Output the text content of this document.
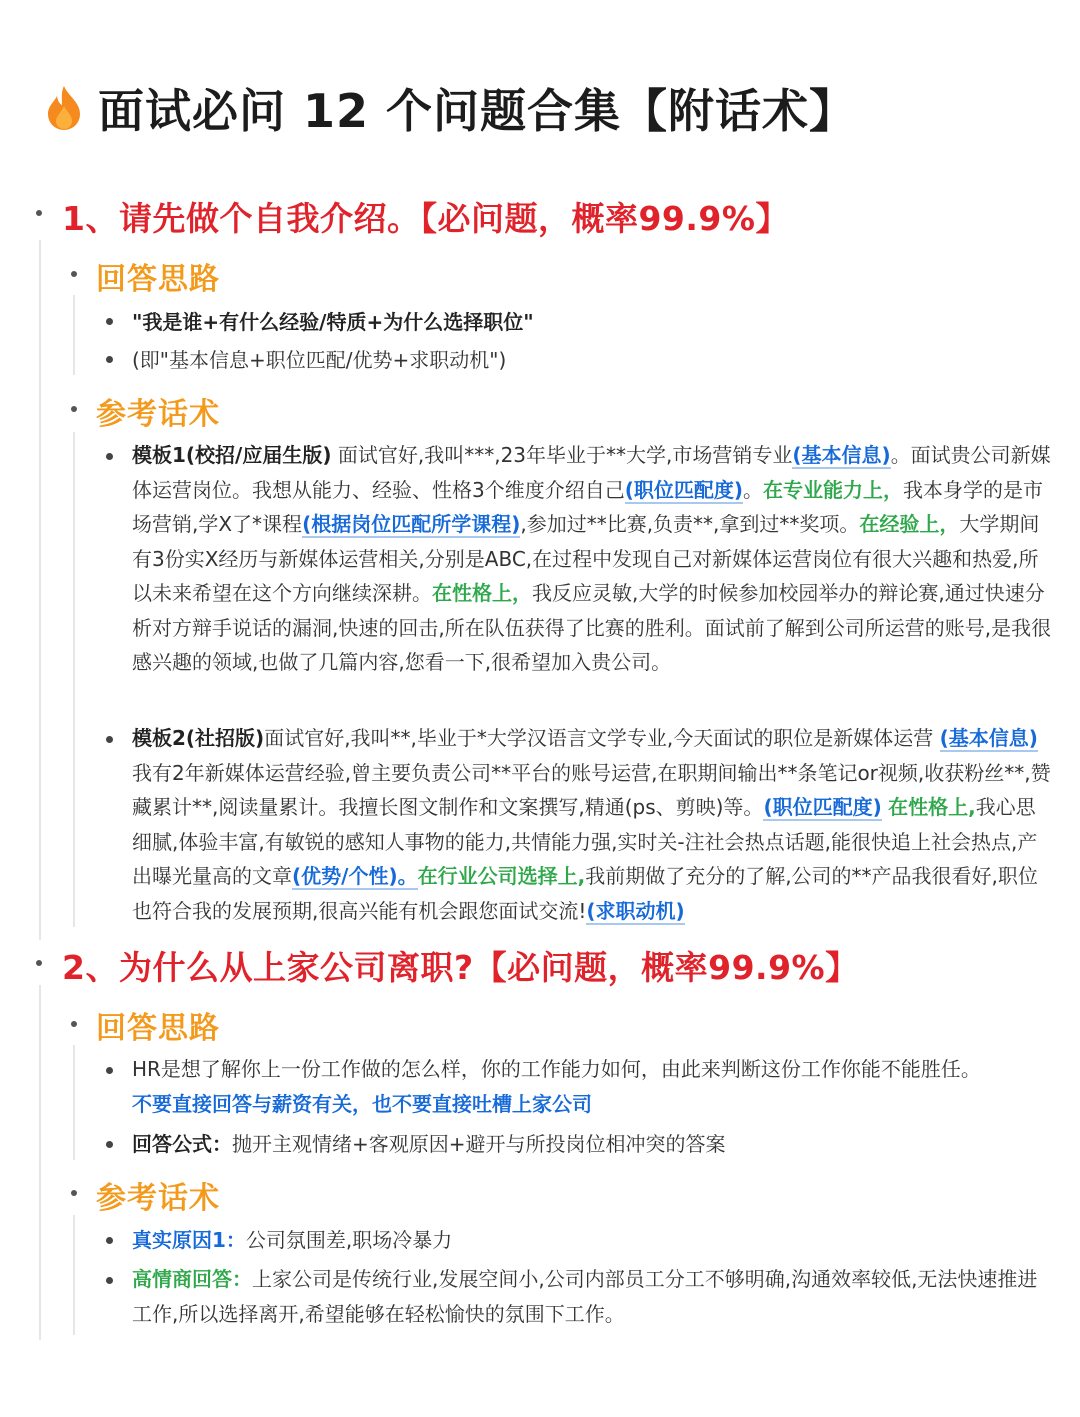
面试必问 12 个问题合集【附话术】
1、请先做个自我介绍。【必问题，概率99.9%】
回答思路
"我是谁+有什么经验/特质+为什么选择职位"
(即"基本信息+职位匹配/优势+求职动机")
参考话术
模板1(校招/应届生版) 面试官好,我叫***,23年毕业于**大学,市场营销专业(基本信息)。面试贵公司新媒体运营岗位。我想从能力、经验、性格3个维度介绍自己(职位匹配度)。在专业能力上，我本身学的是市场营销,学X了*课程(根据岗位匹配所学课程),参加过**比赛,负责**,拿到过**奖项。在经验上，大学期间有3份实X经历与新媒体运营相关,分别是ABC,在过程中发现自己对新媒体运营岗位有很大兴趣和热爱,所以未来希望在这个方向继续深耕。在性格上，我反应灵敏,大学的时候参加校园举办的辩论赛,通过快速分析对方辩手说话的漏洞,快速的回击,所在队伍获得了比赛的胜利。面试前了解到公司所运营的账号,是我很感兴趣的领域,也做了几篇内容,您看一下,很希望加入贵公司。
模板2(社招版)面试官好,我叫**,毕业于*大学汉语言文学专业,今天面试的职位是新媒体运营 (基本信息)我有2年新媒体运营经验,曾主要负责公司**平台的账号运营,在职期间输出**条笔记or视频,收获粉丝**,赞藏累计**,阅读量累计。我擅长图文制作和文案撰写,精通(ps、剪映)等。(职位匹配度) 在性格上,我心思细腻,体验丰富,有敏锐的感知人事物的能力,共情能力强,实时关-注社会热点话题,能很快追上社会热点,产出曝光量高的文章(优势/个性)。在行业公司选择上,我前期做了充分的了解,公司的**产品我很看好,职位也符合我的发展预期,很高兴能有机会跟您面试交流!(求职动机)
2、为什么从上家公司离职?【必问题，概率99.9%】
回答思路
HR是想了解你上一份工作做的怎么样，你的工作能力如何，由此来判断这份工作你能不能胜任。
不要直接回答与薪资有关，也不要直接吐槽上家公司
回答公式：抛开主观情绪+客观原因+避开与所投岗位相冲突的答案
参考话术
真实原因1：公司氛围差,职场冷暴力
高情商回答：上家公司是传统行业,发展空间小,公司内部员工分工不够明确,沟通效率较低,无法快速推进工作,所以选择离开,希望能够在轻松愉快的氛围下工作。
